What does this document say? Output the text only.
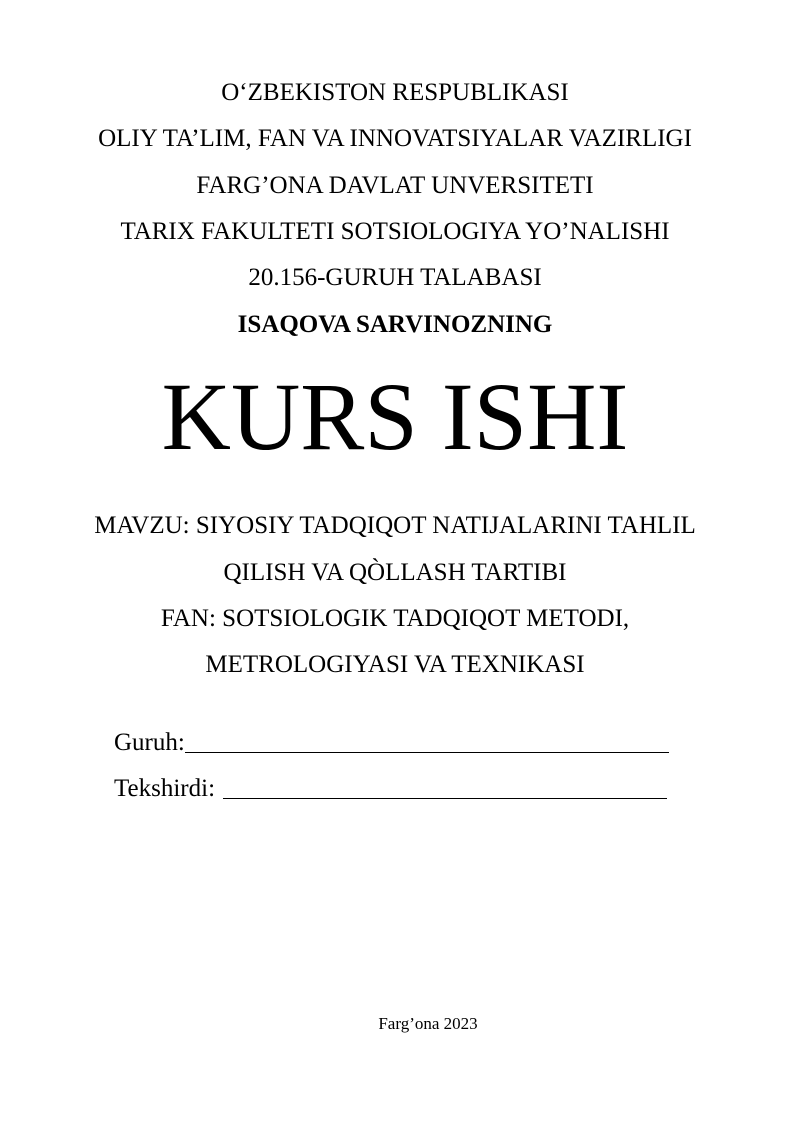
O‘ZBEKISTON RESPUBLIKASI
OLIY TA’LIM, FAN VA INNOVATSIYALAR VAZIRLIGI
FARG’ONA DAVLAT UNVERSITETI
TARIX FAKULTETI SOTSIOLOGIYA YO’NALISHI
20.156-GURUH TALABASI
ISAQOVA SARVINOZNING
KURS ISHI
MAVZU: SIYOSIY TADQIQOT NATIJALARINI TAHLIL
QILISH VA QÒLLASH TARTIBI
FAN: SOTSIOLOGIK TADQIQOT METODI,
METROLOGIYASI VA TEXNIKASI
Guruh:
Tekshirdi:
Farg’ona 2023
